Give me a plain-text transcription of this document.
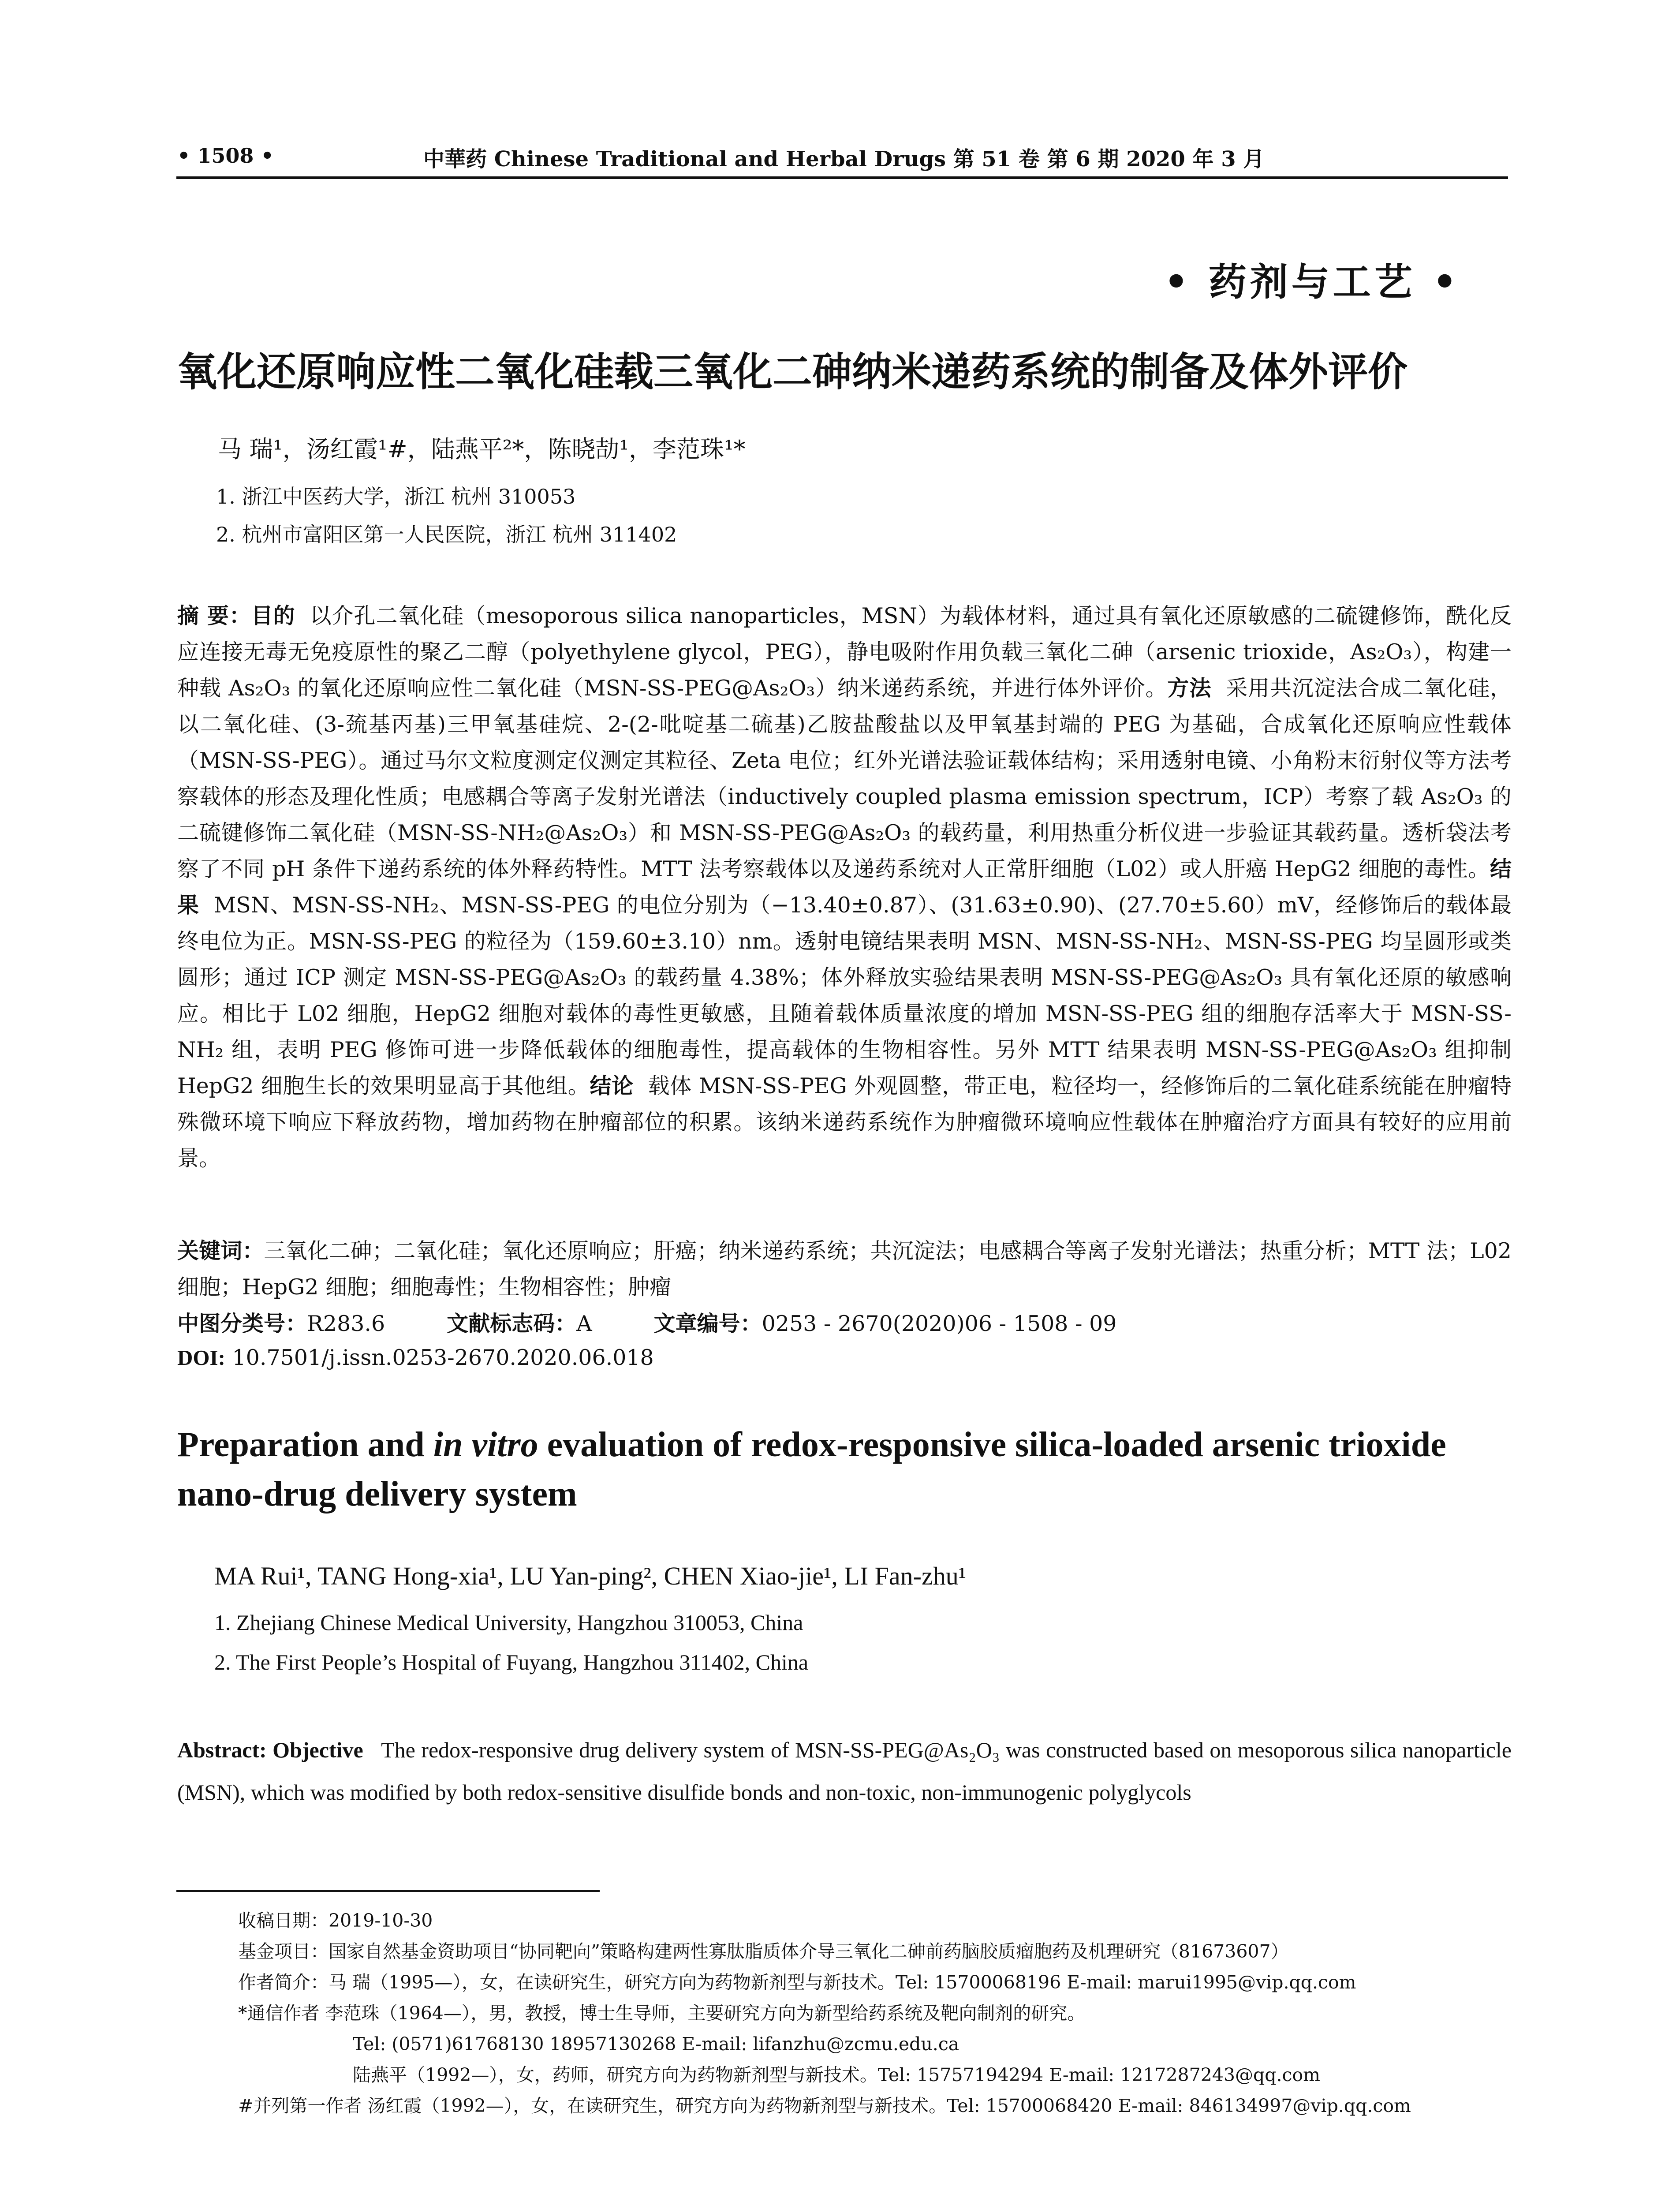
• 1508 •	中華药 Chinese Traditional and Herbal Drugs 第 51 卷 第 6 期 2020 年 3 月
• 药剂与工艺 •
氧化还原响应性二氧化硅载三氧化二砷纳米递药系统的制备及体外评价
马 瑞¹，汤红霞¹#，陆燕平²*，陈晓劼¹，李范珠¹*
1. 浙江中医药大学，浙江 杭州 310053
2. 杭州市富阳区第一人民医院，浙江 杭州 311402
摘 要：目的 以介孔二氧化硅（mesoporous silica nanoparticles，MSN）为载体材料，通过具有氧化还原敏感的二硫键修饰，酰化反应连接无毒无免疫原性的聚乙二醇（polyethylene glycol，PEG），静电吸附作用负载三氧化二砷（arsenic trioxide，As₂O₃），构建一种载 As₂O₃ 的氧化还原响应性二氧化硅（MSN-SS-PEG@As₂O₃）纳米递药系统，并进行体外评价。方法 采用共沉淀法合成二氧化硅，以二氧化硅、(3-巯基丙基)三甲氧基硅烷、2-(2-吡啶基二硫基)乙胺盐酸盐以及甲氧基封端的 PEG 为基础，合成氧化还原响应性载体（MSN-SS-PEG）。通过马尔文粒度测定仪测定其粒径、Zeta 电位；红外光谱法验证载体结构；采用透射电镜、小角粉末衍射仪等方法考察载体的形态及理化性质；电感耦合等离子发射光谱法（inductively coupled plasma emission spectrum，ICP）考察了载 As₂O₃ 的二硫键修饰二氧化硅（MSN-SS-NH₂@As₂O₃）和 MSN-SS-PEG@As₂O₃ 的载药量，利用热重分析仪进一步验证其载药量。透析袋法考察了不同 pH 条件下递药系统的体外释药特性。MTT 法考察载体以及递药系统对人正常肝细胞（L02）或人肝癌 HepG2 细胞的毒性。结果 MSN、MSN-SS-NH₂、MSN-SS-PEG 的电位分别为（−13.40±0.87）、(31.63±0.90)、(27.70±5.60）mV，经修饰后的载体最终电位为正。MSN-SS-PEG 的粒径为（159.60±3.10）nm。透射电镜结果表明 MSN、MSN-SS-NH₂、MSN-SS-PEG 均呈圆形或类圆形；通过 ICP 测定 MSN-SS-PEG@As₂O₃ 的载药量 4.38%；体外释放实验结果表明 MSN-SS-PEG@As₂O₃ 具有氧化还原的敏感响应。相比于 L02 细胞，HepG2 细胞对载体的毒性更敏感，且随着载体质量浓度的增加 MSN-SS-PEG 组的细胞存活率大于 MSN-SS-NH₂ 组，表明 PEG 修饰可进一步降低载体的细胞毒性，提高载体的生物相容性。另外 MTT 结果表明 MSN-SS-PEG@As₂O₃ 组抑制 HepG2 细胞生长的效果明显高于其他组。结论 载体 MSN-SS-PEG 外观圆整，带正电，粒径均一，经修饰后的二氧化硅系统能在肿瘤特殊微环境下响应下释放药物，增加药物在肿瘤部位的积累。该纳米递药系统作为肿瘤微环境响应性载体在肿瘤治疗方面具有较好的应用前景。
关键词：三氧化二砷；二氧化硅；氧化还原响应；肝癌；纳米递药系统；共沉淀法；电感耦合等离子发射光谱法；热重分析；MTT 法；L02 细胞；HepG2 细胞；细胞毒性；生物相容性；肿瘤
中图分类号：R283.6	文献标志码：A	文章编号：0253 - 2670(2020)06 - 1508 - 09
DOI: 10.7501/j.issn.0253-2670.2020.06.018
Preparation and in vitro evaluation of redox-responsive silica-loaded arsenic trioxide nano-drug delivery system
MA Rui¹, TANG Hong-xia¹, LU Yan-ping², CHEN Xiao-jie¹, LI Fan-zhu¹
1. Zhejiang Chinese Medical University, Hangzhou 310053, China
2. The First People’s Hospital of Fuyang, Hangzhou 311402, China
Abstract: Objective The redox-responsive drug delivery system of MSN-SS-PEG@As₂O₃ was constructed based on mesoporous silica nanoparticle (MSN), which was modified by both redox-sensitive disulfide bonds and non-toxic, non-immunogenic polyglycols
收稿日期：2019-10-30
基金项目：国家自然基金资助项目“协同靶向”策略构建两性寡肽脂质体介导三氧化二砷前药脑胶质瘤胞药及机理研究（81673607）
作者简介：马 瑞（1995—），女，在读研究生，研究方向为药物新剂型与新技术。Tel: 15700068196 E-mail: marui1995@vip.qq.com
*通信作者 李范珠（1964—），男，教授，博士生导师，主要研究方向为新型给药系统及靶向制剂的研究。
Tel: (0571)61768130 18957130268 E-mail: lifanzhu@zcmu.edu.ca
陆燕平（1992—），女，药师，研究方向为药物新剂型与新技术。Tel: 15757194294 E-mail: 1217287243@qq.com
#并列第一作者 汤红霞（1992—），女，在读研究生，研究方向为药物新剂型与新技术。Tel: 15700068420 E-mail: 846134997@vip.qq.com
